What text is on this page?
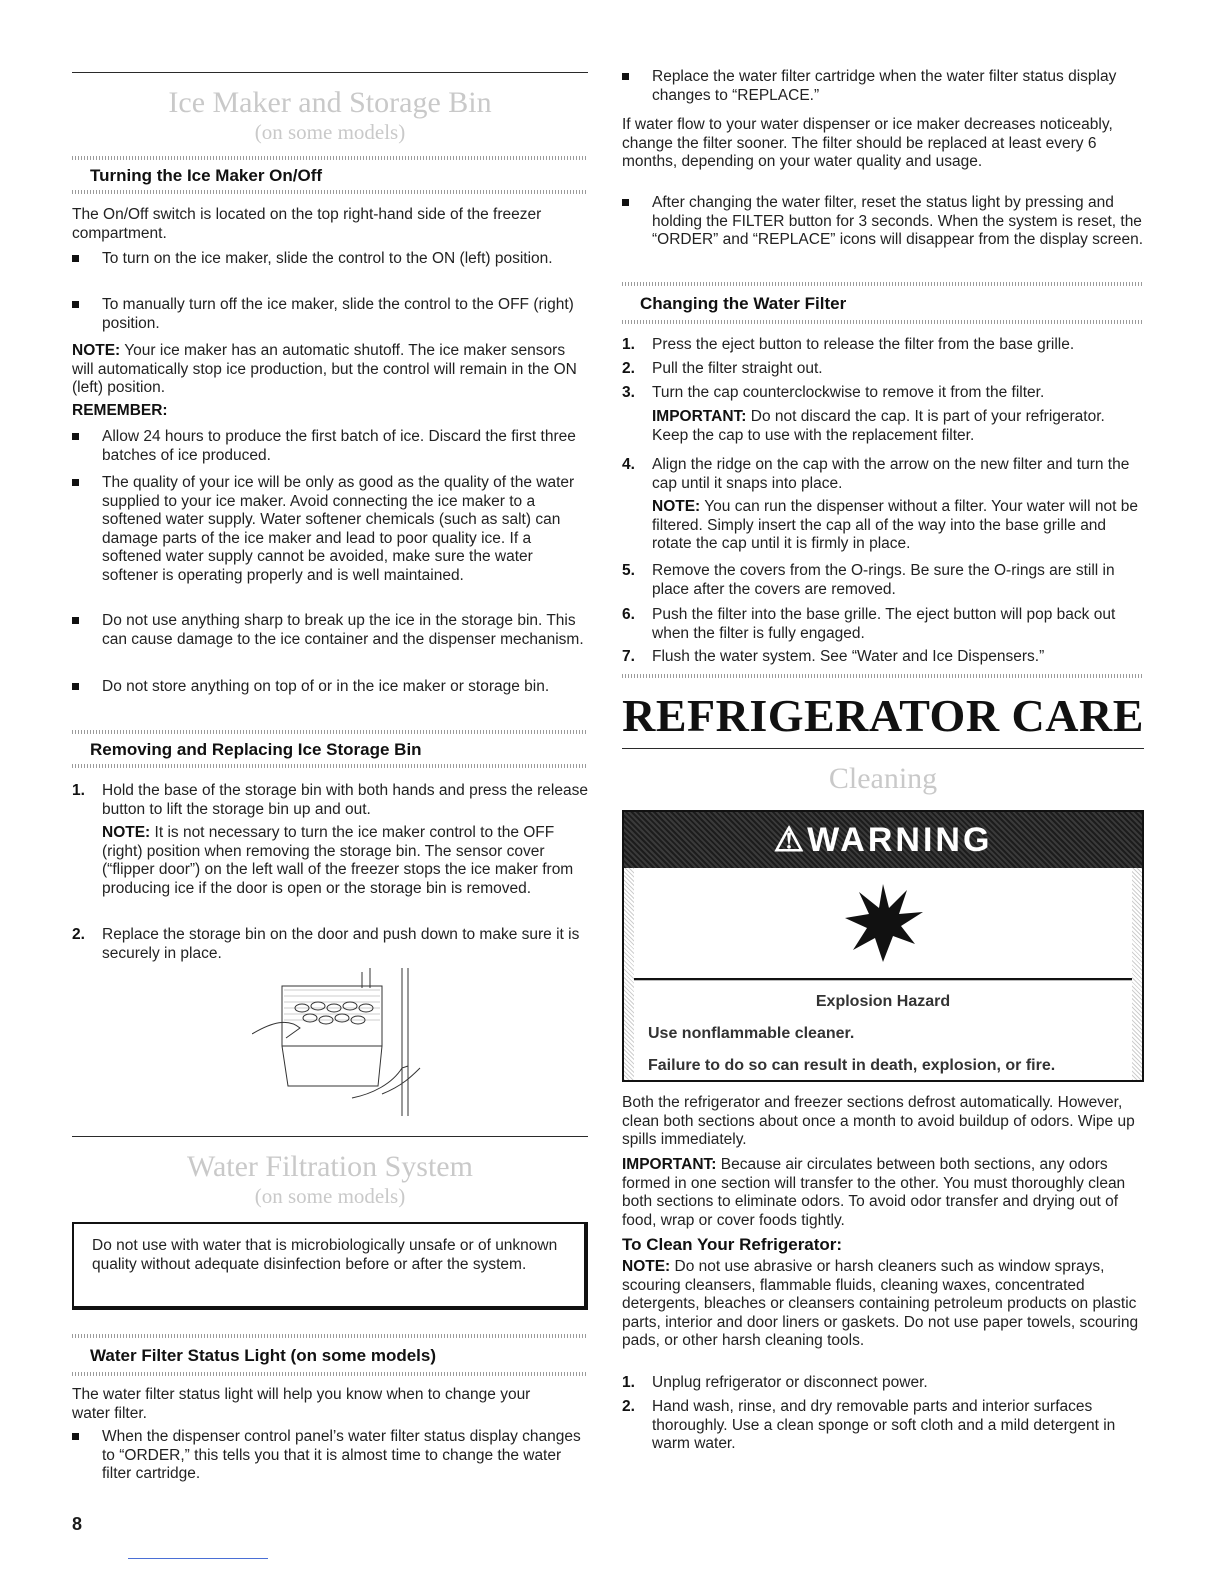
Ice Maker and Storage Bin
(on some models)
Turning the Ice Maker On/Off
The On/Off switch is located on the top right-hand side of the freezer compartment.
To turn on the ice maker, slide the control to the ON (left) position.
To manually turn off the ice maker, slide the control to the OFF (right) position.
NOTE: Your ice maker has an automatic shutoff. The ice maker sensors will automatically stop ice production, but the control will remain in the ON (left) position.
REMEMBER:
Allow 24 hours to produce the first batch of ice. Discard the first three batches of ice produced.
The quality of your ice will be only as good as the quality of the water supplied to your ice maker. Avoid connecting the ice maker to a softened water supply. Water softener chemicals (such as salt) can damage parts of the ice maker and lead to poor quality ice. If a softened water supply cannot be avoided, make sure the water softener is operating properly and is well maintained.
Do not use anything sharp to break up the ice in the storage bin. This can cause damage to the ice container and the dispenser mechanism.
Do not store anything on top of or in the ice maker or storage bin.
Removing and Replacing Ice Storage Bin
1. Hold the base of the storage bin with both hands and press the release button to lift the storage bin up and out.
NOTE: It is not necessary to turn the ice maker control to the OFF (right) position when removing the storage bin. The sensor cover (“flipper door”) on the left wall of the freezer stops the ice maker from producing ice if the door is open or the storage bin is removed.
2. Replace the storage bin on the door and push down to make sure it is securely in place.
Water Filtration System
(on some models)
Do not use with water that is microbiologically unsafe or of unknown quality without adequate disinfection before or after the system.
Water Filter Status Light (on some models)
The water filter status light will help you know when to change your water filter.
When the dispenser control panel’s water filter status display changes to “ORDER,” this tells you that it is almost time to change the water filter cartridge.
Replace the water filter cartridge when the water filter status display changes to “REPLACE.”
If water flow to your water dispenser or ice maker decreases noticeably, change the filter sooner. The filter should be replaced at least every 6 months, depending on your water quality and usage.
After changing the water filter, reset the status light by pressing and holding the FILTER button for 3 seconds. When the system is reset, the “ORDER” and “REPLACE” icons will disappear from the display screen.
Changing the Water Filter
1. Press the eject button to release the filter from the base grille.
2. Pull the filter straight out.
3. Turn the cap counterclockwise to remove it from the filter.
IMPORTANT: Do not discard the cap. It is part of your refrigerator. Keep the cap to use with the replacement filter.
4. Align the ridge on the cap with the arrow on the new filter and turn the cap until it snaps into place.
NOTE: You can run the dispenser without a filter. Your water will not be filtered. Simply insert the cap all of the way into the base grille and rotate the cap until it is firmly in place.
5. Remove the covers from the O-rings. Be sure the O-rings are still in place after the covers are removed.
6. Push the filter into the base grille. The eject button will pop back out when the filter is fully engaged.
7. Flush the water system. See “Water and Ice Dispensers.”
REFRIGERATOR CARE
Cleaning
⚠ WARNING
Explosion Hazard
Use nonflammable cleaner.
Failure to do so can result in death, explosion, or fire.
Both the refrigerator and freezer sections defrost automatically. However, clean both sections about once a month to avoid buildup of odors. Wipe up spills immediately.
IMPORTANT: Because air circulates between both sections, any odors formed in one section will transfer to the other. You must thoroughly clean both sections to eliminate odors. To avoid odor transfer and drying out of food, wrap or cover foods tightly.
To Clean Your Refrigerator:
NOTE: Do not use abrasive or harsh cleaners such as window sprays, scouring cleansers, flammable fluids, cleaning waxes, concentrated detergents, bleaches or cleansers containing petroleum products on plastic parts, interior and door liners or gaskets. Do not use paper towels, scouring pads, or other harsh cleaning tools.
1. Unplug refrigerator or disconnect power.
2. Hand wash, rinse, and dry removable parts and interior surfaces thoroughly. Use a clean sponge or soft cloth and a mild detergent in warm water.
8
